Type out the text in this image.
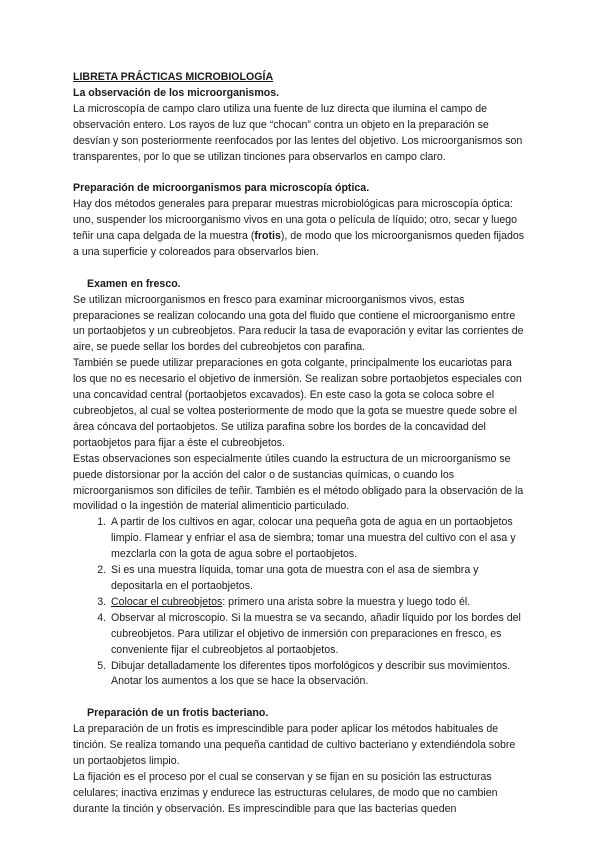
LIBRETA PRÁCTICAS MICROBIOLOGÍA

La observación de los microorganismos.

La microscopía de campo claro utiliza una fuente de luz directa que ilumina el campo de observación entero. Los rayos de luz que “chocan” contra un objeto en la preparación se desvían y son posteriormente reenfocados por las lentes del objetivo. Los microorganismos son transparentes, por lo que se utilizan tinciones para observarlos en campo claro.

Preparación de microorganismos para microscopía óptica.

Hay dos métodos generales para preparar muestras microbiológicas para microscopía óptica: uno, suspender los microorganismo vivos en una gota o película de líquido; otro, secar y luego teñir una capa delgada de la muestra (frotis), de modo que los microorganismos queden fijados a una superficie y coloreados para observarlos bien.

Examen en fresco.

Se utilizan microorganismos en fresco para examinar microorganismos vivos, estas preparaciones se realizan colocando una gota del fluido que contiene el microorganismo entre un portaobjetos y un cubreobjetos. Para reducir la tasa de evaporación y evitar las corrientes de aire, se puede sellar los bordes del cubreobjetos con parafina.

También se puede utilizar preparaciones en gota colgante, principalmente los eucariotas para los que no es necesario el objetivo de inmersión. Se realizan sobre portaobjetos especiales con una concavidad central (portaobjetos excavados). En este caso la gota se coloca sobre el cubreobjetos, al cual se voltea posteriormente de modo que la gota se muestre quede sobre el área cóncava del portaobjetos. Se utiliza parafina sobre los bordes de la concavidad del portaobjetos para fijar a éste el cubreobjetos.

Estas observaciones son especialmente útiles cuando la estructura de un microorganismo se puede distorsionar por la acción del calor o de sustancias químicas, o cuando los microorganismos son difíciles de teñir. También es el método obligado para la observación de la movilidad o la ingestión de material alimenticio particulado.

1. A partir de los cultivos en agar, colocar una pequeña gota de agua en un portaobjetos limpio. Flamear y enfriar el asa de siembra; tomar una muestra del cultivo con el asa y mezclarla con la gota de agua sobre el portaobjetos.
2. Si es una muestra líquida, tomar una gota de muestra con el asa de siembra y depositarla en el portaobjetos.
3. Colocar el cubreobjetos: primero una arista sobre la muestra y luego todo él.
4. Observar al microscopio. Si la muestra se va secando, añadir líquido por los bordes del cubreobjetos. Para utilizar el objetivo de inmersión con preparaciones en fresco, es conveniente fijar el cubreobjetos al portaobjetos.
5. Dibujar detalladamente los diferentes tipos morfológicos y describir sus movimientos. Anotar los aumentos a los que se hace la observación.

Preparación de un frotis bacteriano.

La preparación de un frotis es imprescindible para poder aplicar los métodos habituales de tinción. Se realiza tomando una pequeña cantidad de cultivo bacteriano y extendiéndola sobre un portaobjetos limpio.

La fijación es el proceso por el cual se conservan y se fijan en su posición las estructuras celulares; inactiva enzimas y endurece las estructuras celulares, de modo que no cambien durante la tinción y observación. Es imprescindible para que las bacterias queden
